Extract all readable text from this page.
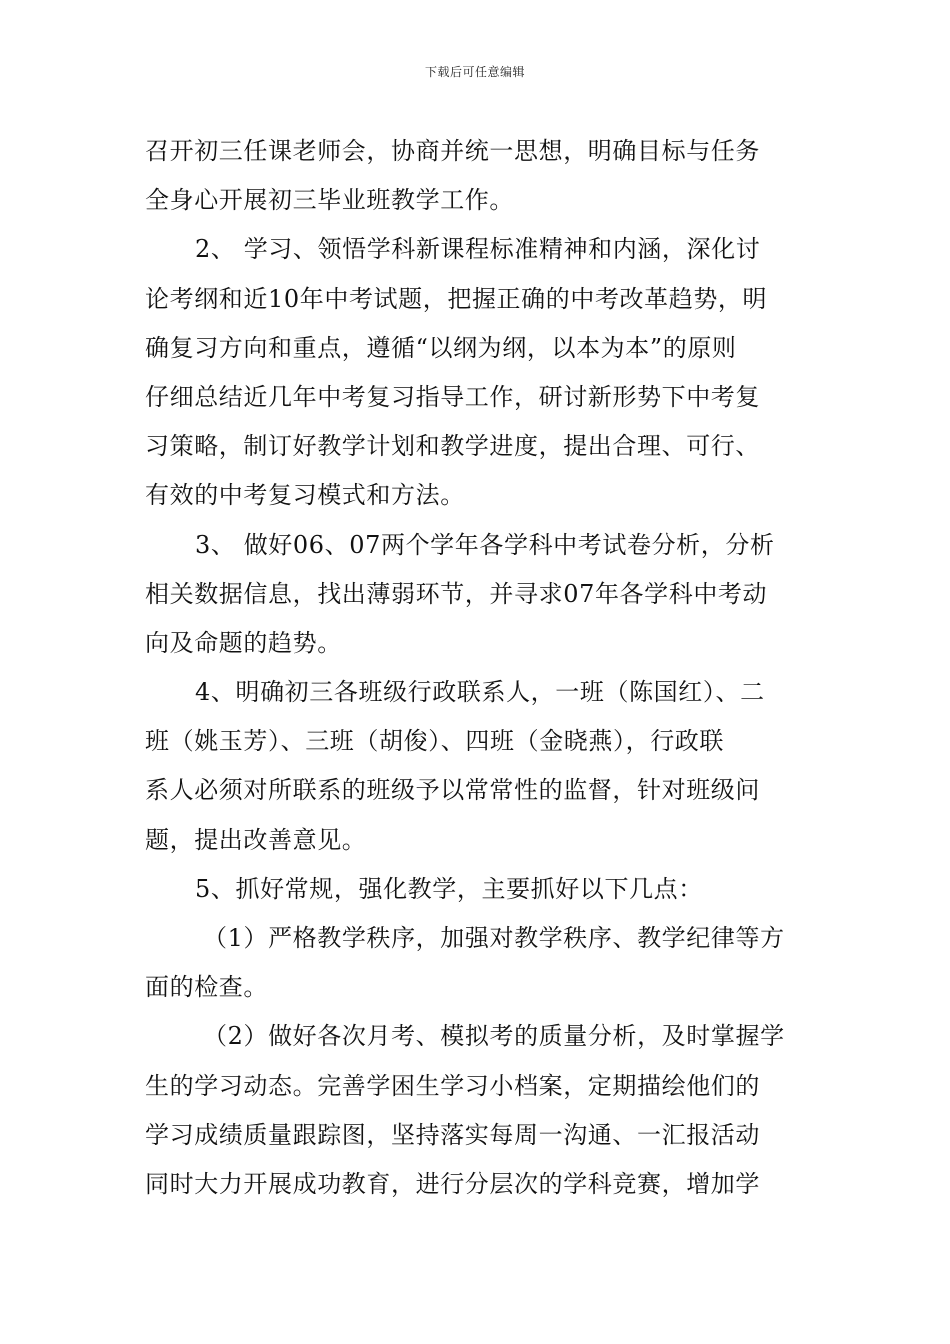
下载后可任意编辑
召开初三任课老师会，协商并统一思想，明确目标与任务
全身心开展初三毕业班教学工作。
2、 学习、领悟学科新课程标准精神和内涵，深化讨
论考纲和近10年中考试题，把握正确的中考改革趋势，明
确复习方向和重点，遵循“以纲为纲，以本为本”的原则
仔细总结近几年中考复习指导工作，研讨新形势下中考复
习策略，制订好教学计划和教学进度，提出合理、可行、
有效的中考复习模式和方法。
3、 做好06、07两个学年各学科中考试卷分析，分析
相关数据信息，找出薄弱环节，并寻求07年各学科中考动
向及命题的趋势。
4、明确初三各班级行政联系人，一班（陈国红）、二
班（姚玉芳）、三班（胡俊）、四班（金晓燕），行政联
系人必须对所联系的班级予以常常性的监督，针对班级问
题，提出改善意见。
5、抓好常规，强化教学，主要抓好以下几点：
（1）严格教学秩序，加强对教学秩序、教学纪律等方
面的检查。
（2）做好各次月考、模拟考的质量分析，及时掌握学
生的学习动态。完善学困生学习小档案，定期描绘他们的
学习成绩质量跟踪图，坚持落实每周一沟通、一汇报活动
同时大力开展成功教育，进行分层次的学科竞赛，增加学
